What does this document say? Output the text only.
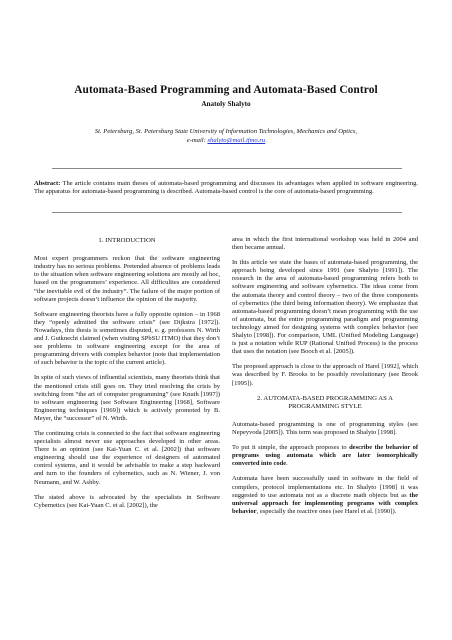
Automata-Based Programming and Automata-Based Control
Anatoly Shalyto
St. Petersburg, St. Petersburg State University of Information Technologies, Mechanics and Optics,
e-mail: shalyto@mail.ifmo.ru
Abstract: The article contains main theses of automata-based programming and discusses its advantages when applied in software engineering. The apparatus for automata-based programming is described. Automata-based control is the core of automata-based programming.
1. INTRODUCTION

Most expert programmers reckon that the software engineering industry has no serious problems. Pretended absence of problems leads to the situation when software engineering solutions are mostly ad hoc, based on the programmers’ experience. All difficulties are considered “the inevitable evil of the industry”. The failure of the major portion of software projects doesn’t influence the opinion of the majority.

Software engineering theorists have a fully opposite opinion – in 1968 they “openly admitted the software crisis” (see Dijkstra [1972]). Nowadays, this thesis is sometimes disputed, e. g. professors N. Wirth and J. Gutknecht claimed (when visiting SPbSU ITMO) that they don’t see problems in software engineering except for the area of programming drivers with complex behavior (note that implementation of such behavior is the topic of the current article).

In spite of such views of influential scientists, many theorists think that the mentioned crisis still goes on. They tried resolving the crisis by switching from “the art of computer programming” (see Knuth [1997]) to software engineering (see Software Engineering [1968], Software Engineering techniques [1969]) which is actively promoted by B. Meyer, the “successor” of N. Wirth.

The continuing crisis is connected to the fact that software engineering specialists almost never use approaches developed in other areas. There is an opinion (see Kai-Yuan C. et al. [2002]) that software engineering should use the experience of designers of automated control systems, and it would be advisable to make a step backward and turn to the founders of cybernetics, such as N. Wiener, J. von Neumann, and W. Ashby.

The stated above is advocated by the specialists in Software Cybernetics (see Kai-Yuan C. et al. [2002]), the

area in which the first international workshop was held in 2004 and then became annual.

In this article we state the bases of automata-based programming, the approach being developed since 1991 (see Shalyto [1991]). The research in the area of automata-based programming refers both to software engineering and software cybernetics. The ideas come from the automata theory and control theory – two of the three components of cybernetics (the third being information theory). We emphasize that automata-based programming doesn’t mean programming with the use of automata, but the entire programming paradigm and programming technology aimed for designing systems with complex behavior (see Shalyto [1998]). For comparison, UML (Unified Modeling Language) is just a notation while RUP (Rational Unified Process) is the process that uses the notation (see Booch et al. [2005]).

The proposed approach is close to the approach of Harel [1992], which was described by F. Brooks to be possibly revolutionary (see Brook [1995]).

2. AUTOMATA-BASED PROGRAMMING AS A PROGRAMMING STYLE

Automata-based programming is one of programming styles (see Nepeyvoda [2005]). This term was proposed in Shalyto [1998].

To put it simple, the approach proposes to describe the behavior of programs using automata which are later isomorphically converted into code.

Automata have been successfully used in software in the field of compilers, protocol implementations etc. In Shalyto [1998] it was suggested to use automata not as a discrete math objects but as the universal approach for implementing programs with complex behavior, especially the reactive ones (see Harel et al. [1990]).
